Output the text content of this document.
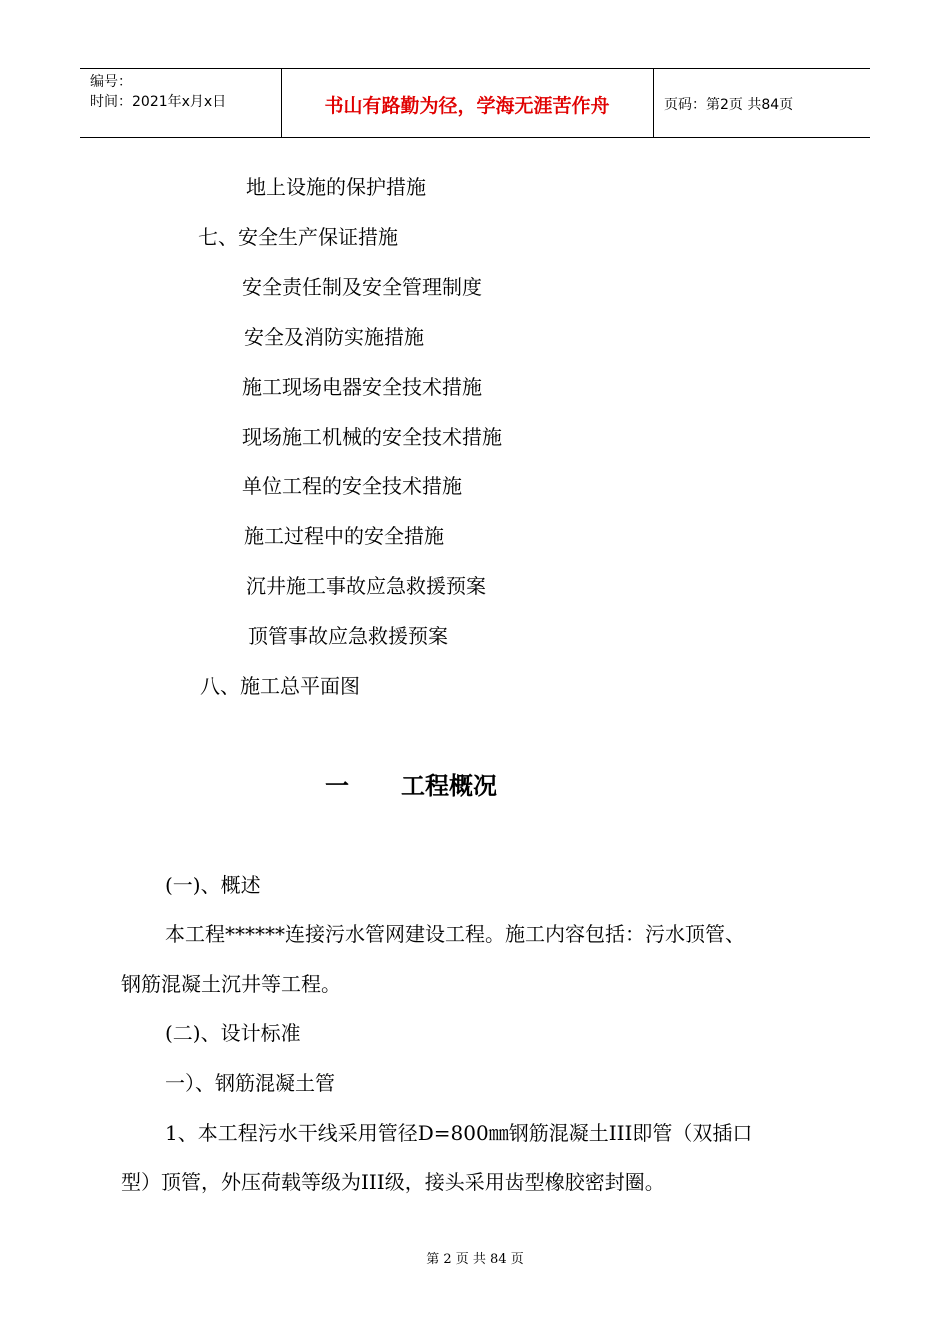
编号：
时间：2021年x月x日	书山有路勤为径，学海无涯苦作舟	页码：第2页 共84页
地上设施的保护措施
七、安全生产保证措施
安全责任制及安全管理制度
安全及消防实施措施
施工现场电器安全技术措施
现场施工机械的安全技术措施
单位工程的安全技术措施
施工过程中的安全措施
沉井施工事故应急救援预案
顶管事故应急救援预案
八、施工总平面图
一 工程概况
(一)、概述
本工程******连接污水管网建设工程。施工内容包括：污水顶管、
钢筋混凝土沉井等工程。
(二)、设计标准
一）、钢筋混凝土管
1、本工程污水干线采用管径D=800㎜钢筋混凝土III即管（双插口
型）顶管，外压荷载等级为III级，接头采用齿型橡胶密封圈。
第 2 页 共 84 页
